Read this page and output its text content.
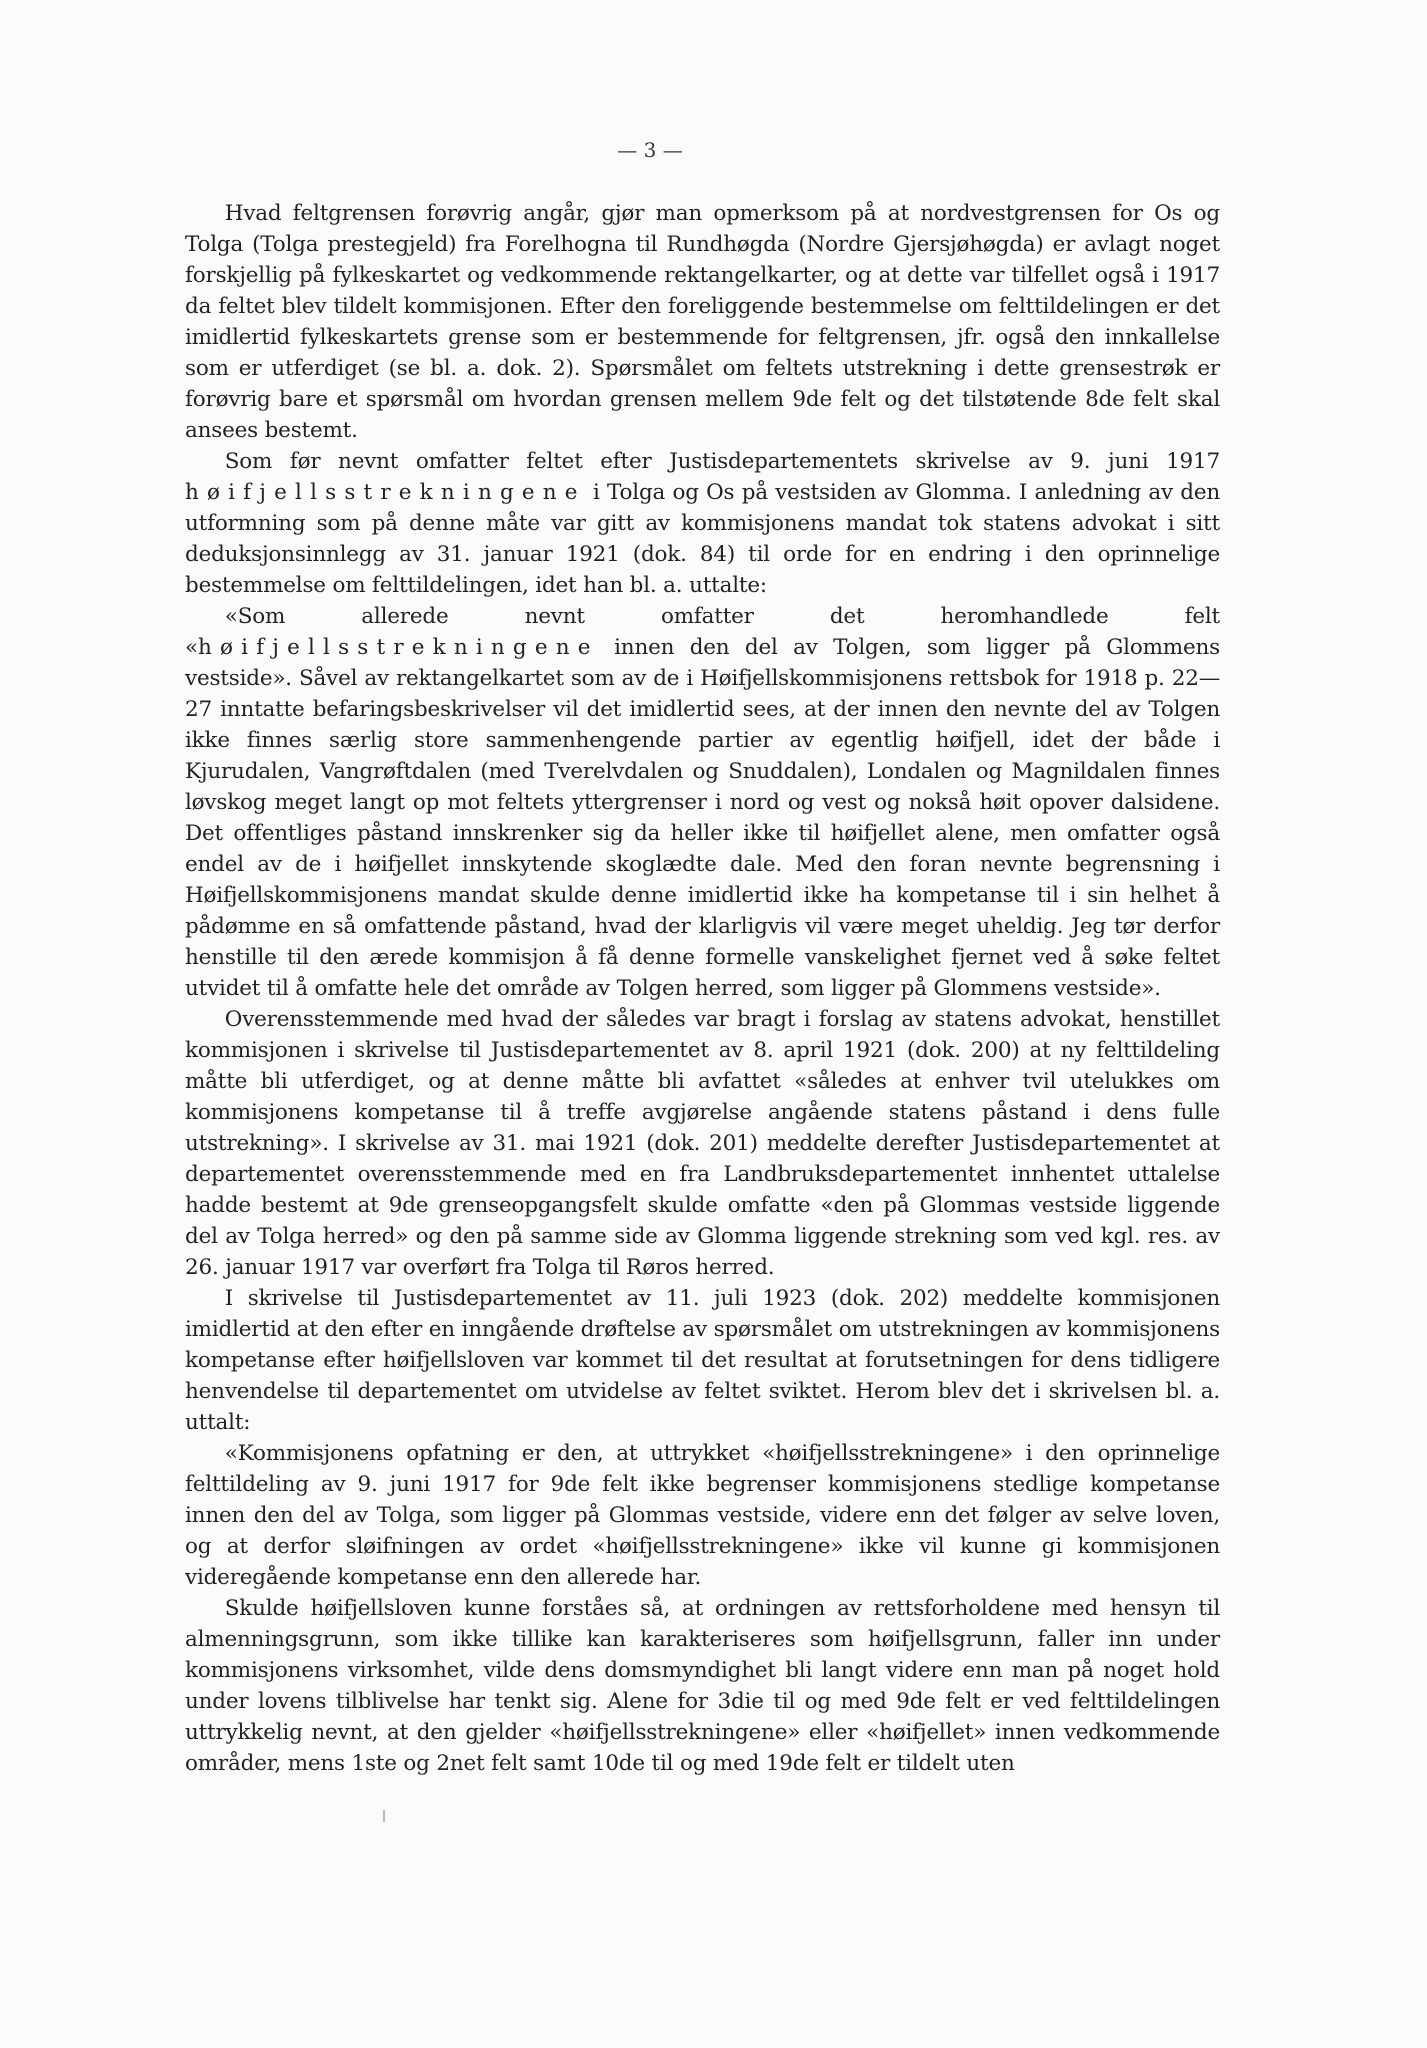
— 3 —

Hvad feltgrensen forøvrig angår, gjør man opmerksom på at nordvestgrensen for Os og Tolga (Tolga prestegjeld) fra Forelhogna til Rundhøgda (Nordre Gjersjøhøgda) er avlagt noget forskjellig på fylkeskartet og vedkommende rektangelkarter, og at dette var tilfellet også i 1917 da feltet blev tildelt kommisjonen. Efter den foreliggende bestemmelse om felttildelingen er det imidlertid fylkeskartets grense som er bestemmende for feltgrensen, jfr. også den innkallelse som er utferdiget (se bl. a. dok. 2). Spørsmålet om feltets utstrekning i dette grensestrøk er forøvrig bare et spørsmål om hvordan grensen mellem 9de felt og det tilstøtende 8de felt skal ansees bestemt.

Som før nevnt omfatter feltet efter Justisdepartementets skrivelse av 9. juni 1917 høifjellsstrekningene i Tolga og Os på vestsiden av Glomma. I anledning av den utformning som på denne måte var gitt av kommisjonens mandat tok statens advokat i sitt deduksjonsinnlegg av 31. januar 1921 (dok. 84) til orde for en endring i den oprinnelige bestemmelse om felttildelingen, idet han bl. a. uttalte:

«Som allerede nevnt omfatter det heromhandlede felt «høifjellsstrekningene innen den del av Tolgen, som ligger på Glommens vestside». Såvel av rektangelkartet som av de i Høifjellskommisjonens rettsbok for 1918 p. 22—27 inntatte befaringsbeskrivelser vil det imidlertid sees, at der innen den nevnte del av Tolgen ikke finnes særlig store sammenhengende partier av egentlig høifjell, idet der både i Kjurudalen, Vangrøftdalen (med Tverelvdalen og Snuddalen), Londalen og Magnildalen finnes løvskog meget langt op mot feltets yttergrenser i nord og vest og nokså høit opover dalsidene. Det offentliges påstand innskrenker sig da heller ikke til høifjellet alene, men omfatter også endel av de i høifjellet innskytende skoglædte dale. Med den foran nevnte begrensning i Høifjellskommisjonens mandat skulde denne imidlertid ikke ha kompetanse til i sin helhet å pådømme en så omfattende påstand, hvad der klarligvis vil være meget uheldig. Jeg tør derfor henstille til den ærede kommisjon å få denne formelle vanskelighet fjernet ved å søke feltet utvidet til å omfatte hele det område av Tolgen herred, som ligger på Glommens vestside».

Overensstemmende med hvad der således var bragt i forslag av statens advokat, henstillet kommisjonen i skrivelse til Justisdepartementet av 8. april 1921 (dok. 200) at ny felttildeling måtte bli utferdiget, og at denne måtte bli avfattet «således at enhver tvil utelukkes om kommisjonens kompetanse til å treffe avgjørelse angående statens påstand i dens fulle utstrekning». I skrivelse av 31. mai 1921 (dok. 201) meddelte derefter Justisdepartementet at departementet overensstemmende med en fra Landbruksdepartementet innhentet uttalelse hadde bestemt at 9de grenseopgangsfelt skulde omfatte «den på Glommas vestside liggende del av Tolga herred» og den på samme side av Glomma liggende strekning som ved kgl. res. av 26. januar 1917 var overført fra Tolga til Røros herred.

I skrivelse til Justisdepartementet av 11. juli 1923 (dok. 202) meddelte kommisjonen imidlertid at den efter en inngående drøftelse av spørsmålet om utstrekningen av kommisjonens kompetanse efter høifjellsloven var kommet til det resultat at forutsetningen for dens tidligere henvendelse til departementet om utvidelse av feltet sviktet. Herom blev det i skrivelsen bl. a. uttalt:

«Kommisjonens opfatning er den, at uttrykket «høifjellsstrekningene» i den oprinnelige felttildeling av 9. juni 1917 for 9de felt ikke begrenser kommisjonens stedlige kompetanse innen den del av Tolga, som ligger på Glommas vestside, videre enn det følger av selve loven, og at derfor sløifningen av ordet «høifjellsstrekningene» ikke vil kunne gi kommisjonen videregående kompetanse enn den allerede har.

Skulde høifjellsloven kunne forståes så, at ordningen av rettsforholdene med hensyn til almenningsgrunn, som ikke tillike kan karakteriseres som høifjellsgrunn, faller inn under kommisjonens virksomhet, vilde dens domsmyndighet bli langt videre enn man på noget hold under lovens tilblivelse har tenkt sig. Alene for 3die til og med 9de felt er ved felttildelingen uttrykkelig nevnt, at den gjelder «høifjellsstrekningene» eller «høifjellet» innen vedkommende områder, mens 1ste og 2net felt samt 10de til og med 19de felt er tildelt uten
